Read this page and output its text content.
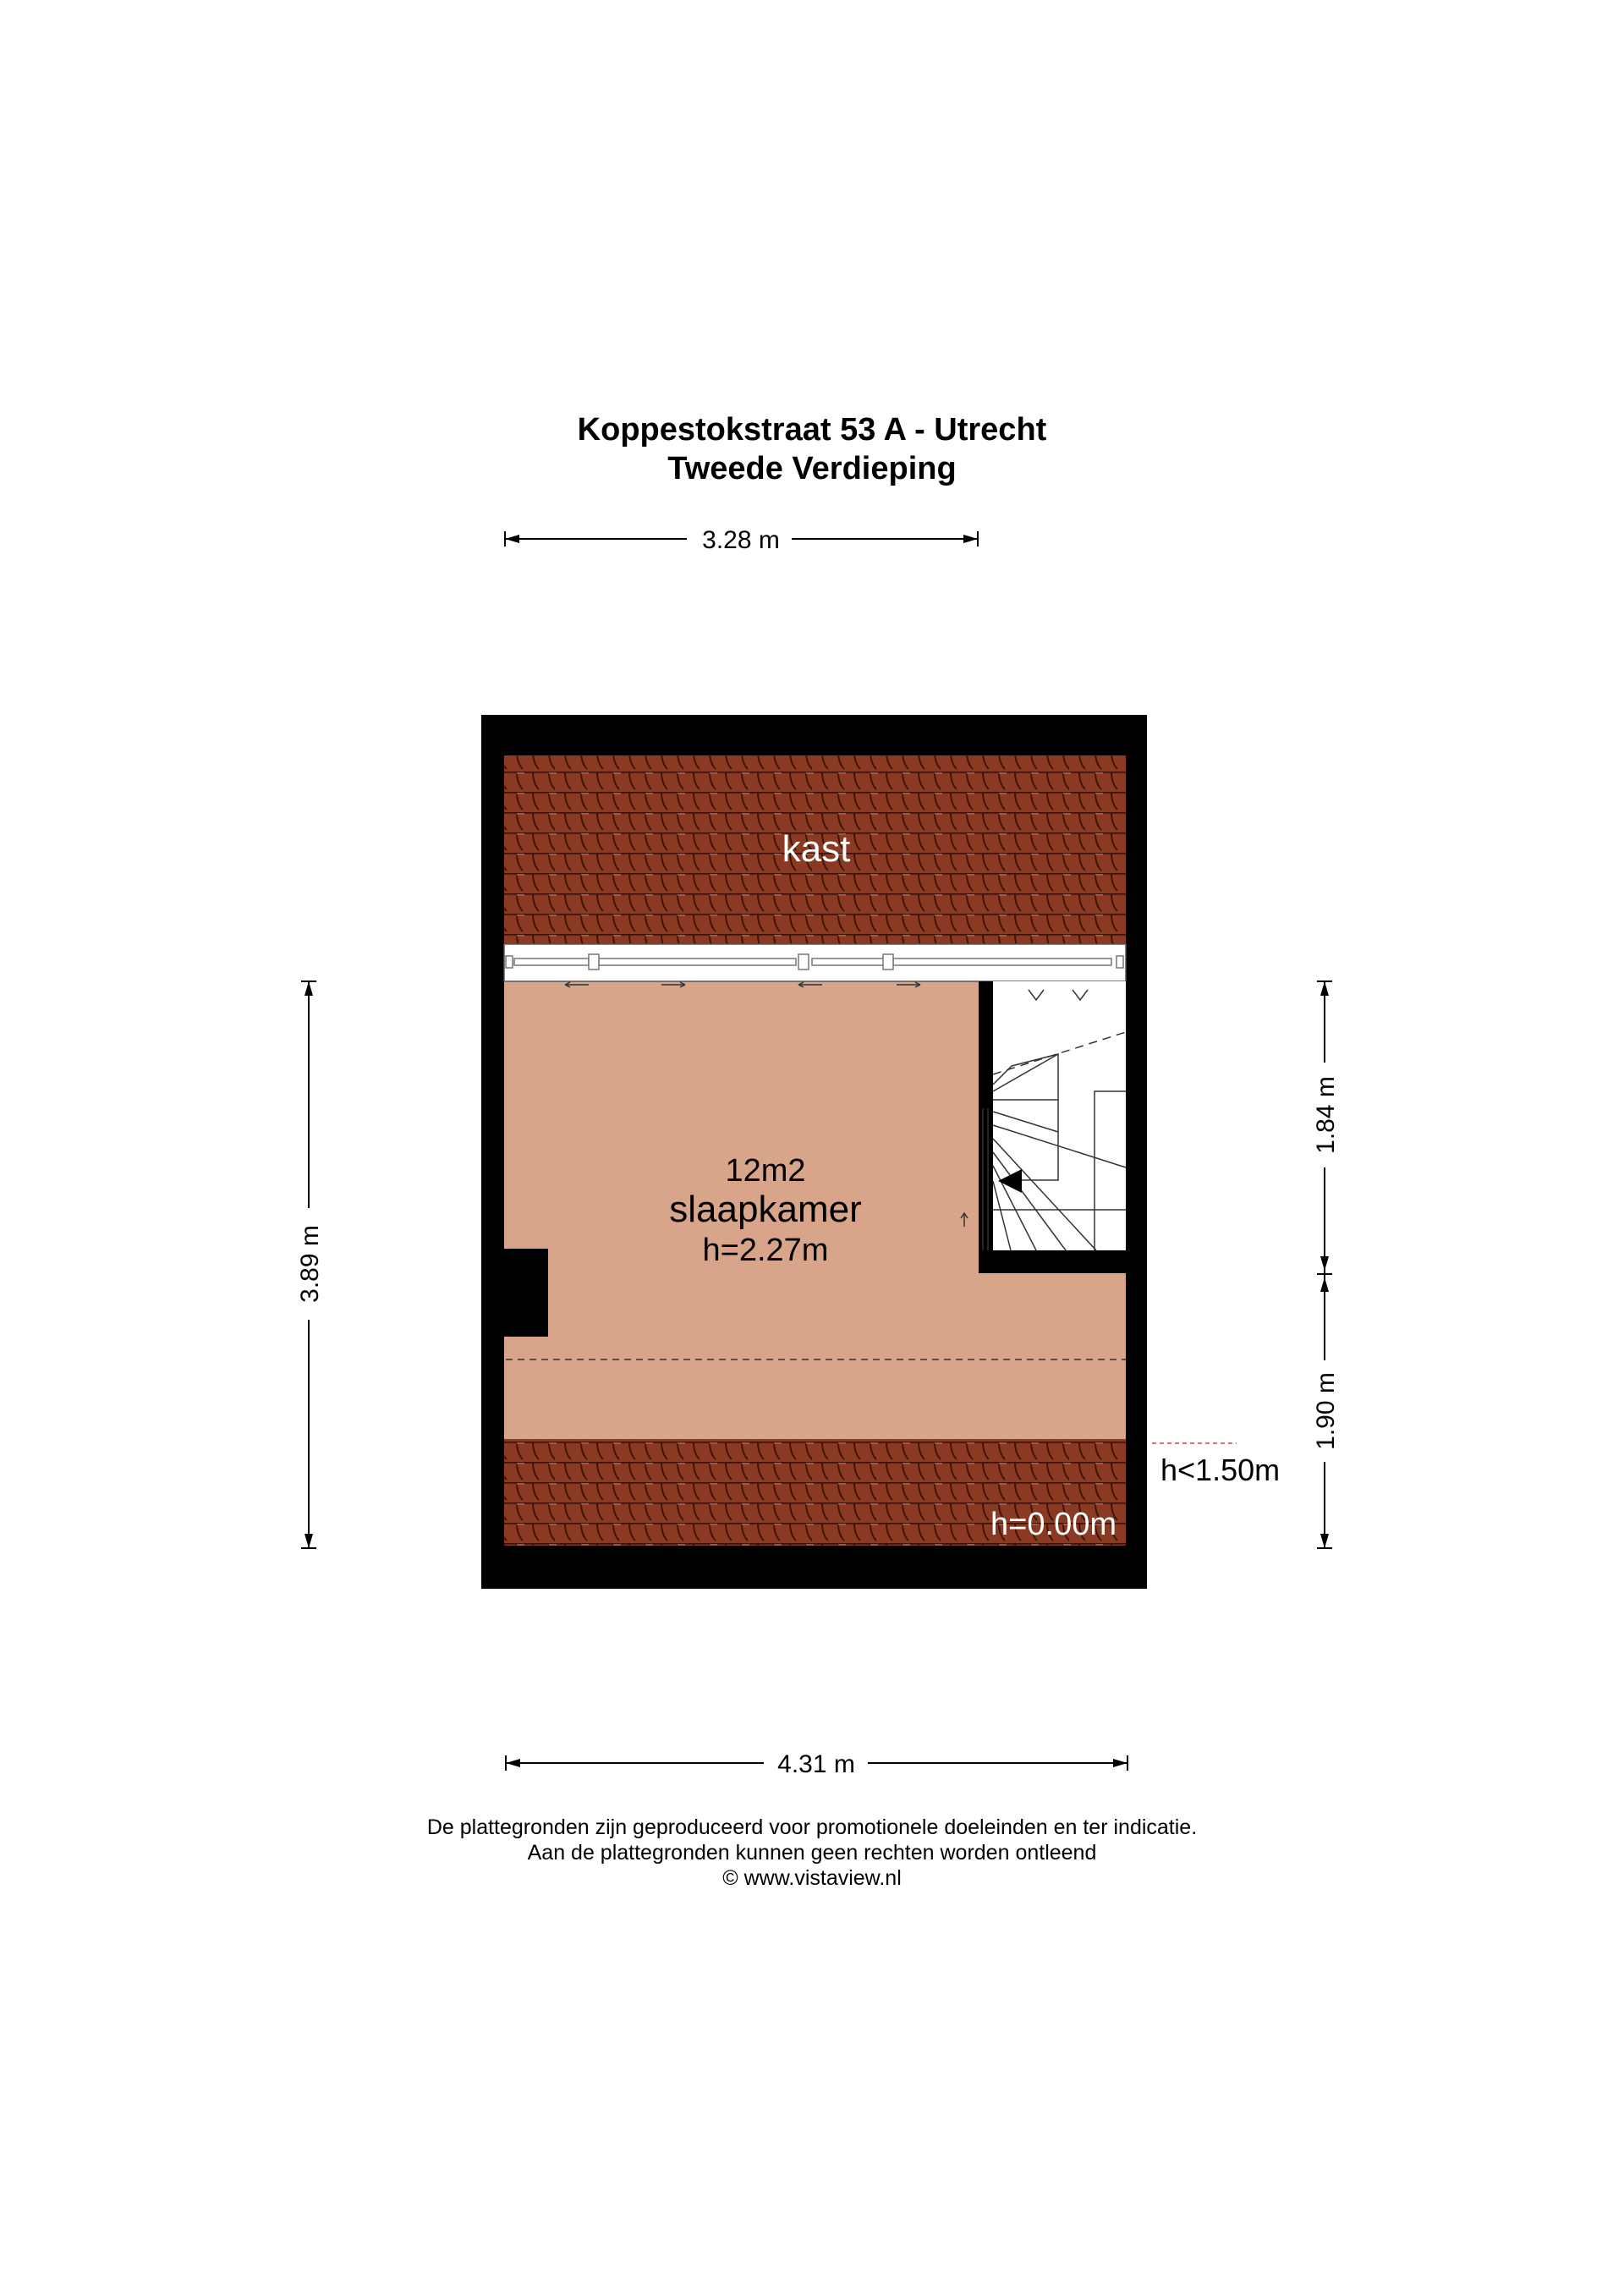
Koppestokstraat 53 A - Utrecht
Tweede Verdieping
kast
12m2
slaapkamer
h=2.27m
h<1.50m
h=0.00m
3.28 m
4.31 m
3.89 m
1.84 m
1.90 m
De plattegronden zijn geproduceerd voor promotionele doeleinden en ter indicatie.
Aan de plattegronden kunnen geen rechten worden ontleend
© www.vistaview.nl
